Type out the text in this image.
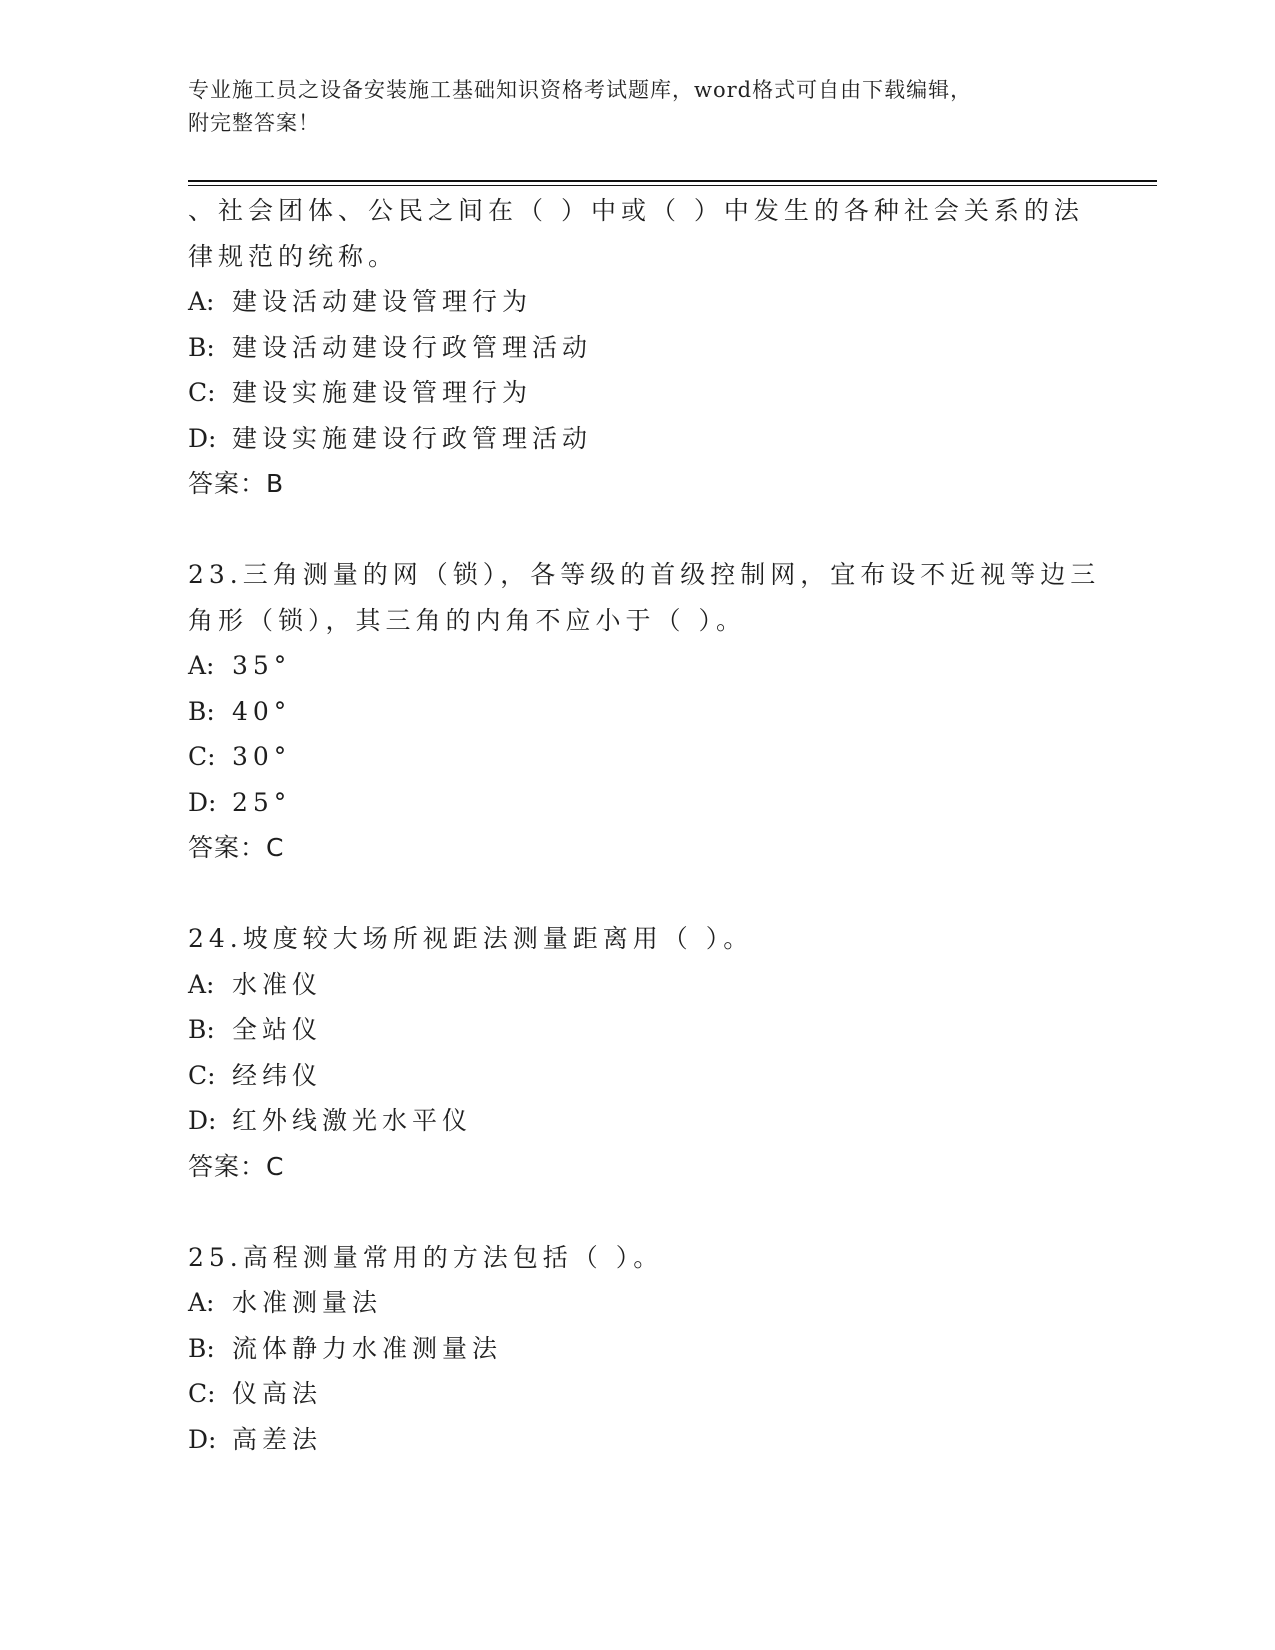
专业施工员之设备安装施工基础知识资格考试题库，word格式可自由下载编辑，
附完整答案！
、社会团体、公民之间在（ ）中或（ ）中发生的各种社会关系的法
律规范的统称。
A: 建设活动建设管理行为
B: 建设活动建设行政管理活动
C: 建设实施建设管理行为
D: 建设实施建设行政管理活动
答案：B
23.三角测量的网（锁），各等级的首级控制网，宜布设不近视等边三
角形（锁），其三角的内角不应小于（ ）。
A: 35°
B: 40°
C: 30°
D: 25°
答案：C
24.坡度较大场所视距法测量距离用（ ）。
A: 水准仪
B: 全站仪
C: 经纬仪
D: 红外线激光水平仪
答案：C
25.高程测量常用的方法包括（ ）。
A: 水准测量法
B: 流体静力水准测量法
C: 仪高法
D: 高差法
